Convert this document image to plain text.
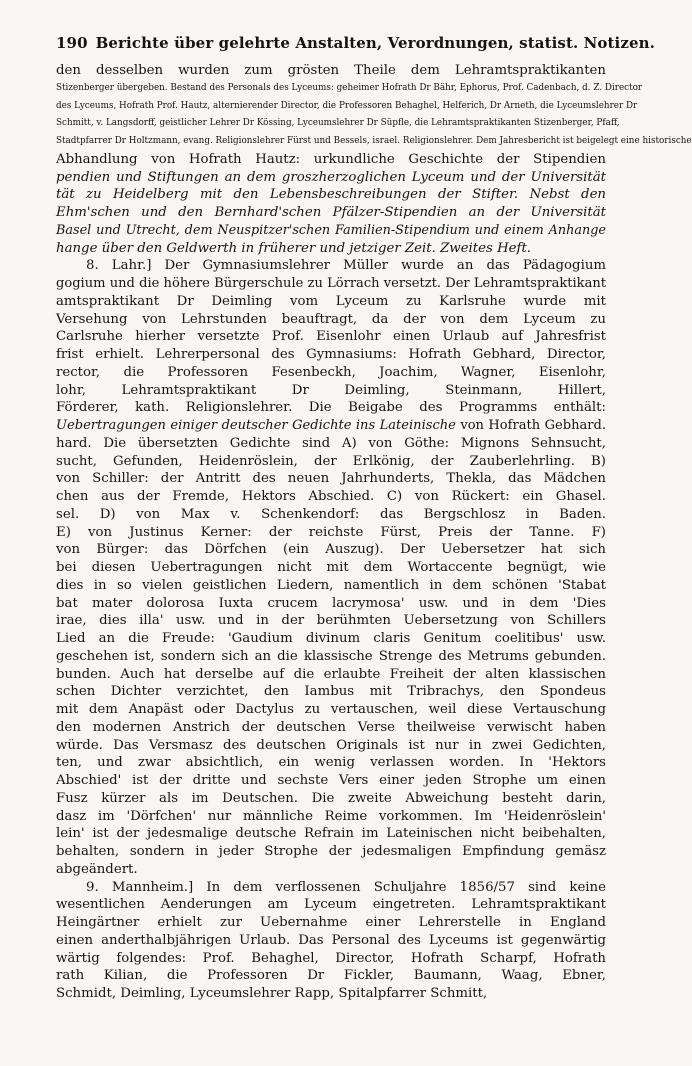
190 Berichte über gelehrte Anstalten, Verordnungen, statist. Notizen.
den desselben wurden zum grösten Theile dem Lehramtspraktikanten
Stizenberger übergeben. Bestand des Personals des Lyceums: geheimer Hofrath Dr Bähr, Ephorus, Prof. Cadenbach, d. Z. Director
des Lyceums, Hofrath Prof. Hautz, alternierender Director, die Professoren Behaghel, Helferich, Dr Arneth, die Lyceumslehrer Dr
Schmitt, v. Langsdorff, geistlicher Lehrer Dr Kössing, Lyceumslehrer Dr Süpfle, die Lehramtspraktikanten Stizenberger, Pfaff,
Stadtpfarrer Dr Holtzmann, evang. Religionslehrer Fürst und Bessels, israel. Religionslehrer. Dem Jahresbericht ist beigelegt eine historische
Abhandlung von Hofrath Hautz: urkundliche Geschichte der Stipendien
pendien und Stiftungen an dem groszherzoglichen Lyceum und der Universität
tät zu Heidelberg mit den Lebensbeschreibungen der Stifter. Nebst den
Ehm'schen und den Bernhard'schen Pfälzer-Stipendien an der Universität
Basel und Utrecht, dem Neuspitzer'schen Familien-Stipendium und einem Anhange
hange über den Geldwerth in früherer und jetziger Zeit. Zweites Heft.
8. Lahr.] Der Gymnasiumslehrer Müller wurde an das Pädagogium
gogium und die höhere Bürgerschule zu Lörrach versetzt. Der Lehramtspraktikant
amtspraktikant Dr Deimling vom Lyceum zu Karlsruhe wurde mit
Versehung von Lehrstunden beauftragt, da der von dem Lyceum zu
Carlsruhe hierher versetzte Prof. Eisenlohr einen Urlaub auf Jahresfrist
frist erhielt. Lehrerpersonal des Gymnasiums: Hofrath Gebhard, Director,
rector, die Professoren Fesenbeckh, Joachim, Wagner, Eisenlohr,
lohr, Lehramtspraktikant Dr Deimling, Steinmann, Hillert,
Förderer, kath. Religionslehrer. Die Beigabe des Programms enthält:
Uebertragungen einiger deutscher Gedichte ins Lateinische von Hofrath Gebhard.
hard. Die übersetzten Gedichte sind A) von Göthe: Mignons Sehnsucht,
sucht, Gefunden, Heidenröslein, der Erlkönig, der Zauberlehrling. B)
von Schiller: der Antritt des neuen Jahrhunderts, Thekla, das Mädchen
chen aus der Fremde, Hektors Abschied. C) von Rückert: ein Ghasel.
sel. D) von Max v. Schenkendorf: das Bergschlosz in Baden.
E) von Justinus Kerner: der reichste Fürst, Preis der Tanne. F)
von Bürger: das Dörfchen (ein Auszug). Der Uebersetzer hat sich
bei diesen Uebertragungen nicht mit dem Wortaccente begnügt, wie
dies in so vielen geistlichen Liedern, namentlich in dem schönen 'Stabat
bat mater dolorosa Iuxta crucem lacrymosa' usw. und in dem 'Dies
irae, dies illa' usw. und in der berühmten Uebersetzung von Schillers
Lied an die Freude: 'Gaudium divinum claris Genitum coelitibus' usw.
geschehen ist, sondern sich an die klassische Strenge des Metrums gebunden.
bunden. Auch hat derselbe auf die erlaubte Freiheit der alten klassischen
schen Dichter verzichtet, den Iambus mit Tribrachys, den Spondeus
mit dem Anapäst oder Dactylus zu vertauschen, weil diese Vertauschung
den modernen Anstrich der deutschen Verse theilweise verwischt haben
würde. Das Versmasz des deutschen Originals ist nur in zwei Gedichten,
ten, und zwar absichtlich, ein wenig verlassen worden. In 'Hektors
Abschied' ist der dritte und sechste Vers einer jeden Strophe um einen
Fusz kürzer als im Deutschen. Die zweite Abweichung besteht darin,
dasz im 'Dörfchen' nur männliche Reime vorkommen. Im 'Heidenröslein'
lein' ist der jedesmalige deutsche Refrain im Lateinischen nicht beibehalten,
behalten, sondern in jeder Strophe der jedesmaligen Empfindung gemäsz
abgeändert.
9. Mannheim.] In dem verflossenen Schuljahre 1856/57 sind keine
wesentlichen Aenderungen am Lyceum eingetreten. Lehramtspraktikant
Heingärtner erhielt zur Uebernahme einer Lehrerstelle in England
einen anderthalbjährigen Urlaub. Das Personal des Lyceums ist gegenwärtig
wärtig folgendes: Prof. Behaghel, Director, Hofrath Scharpf, Hofrath
rath Kilian, die Professoren Dr Fickler, Baumann, Waag, Ebner,
Schmidt, Deimling, Lyceumslehrer Rapp, Spitalpfarrer Schmitt,
